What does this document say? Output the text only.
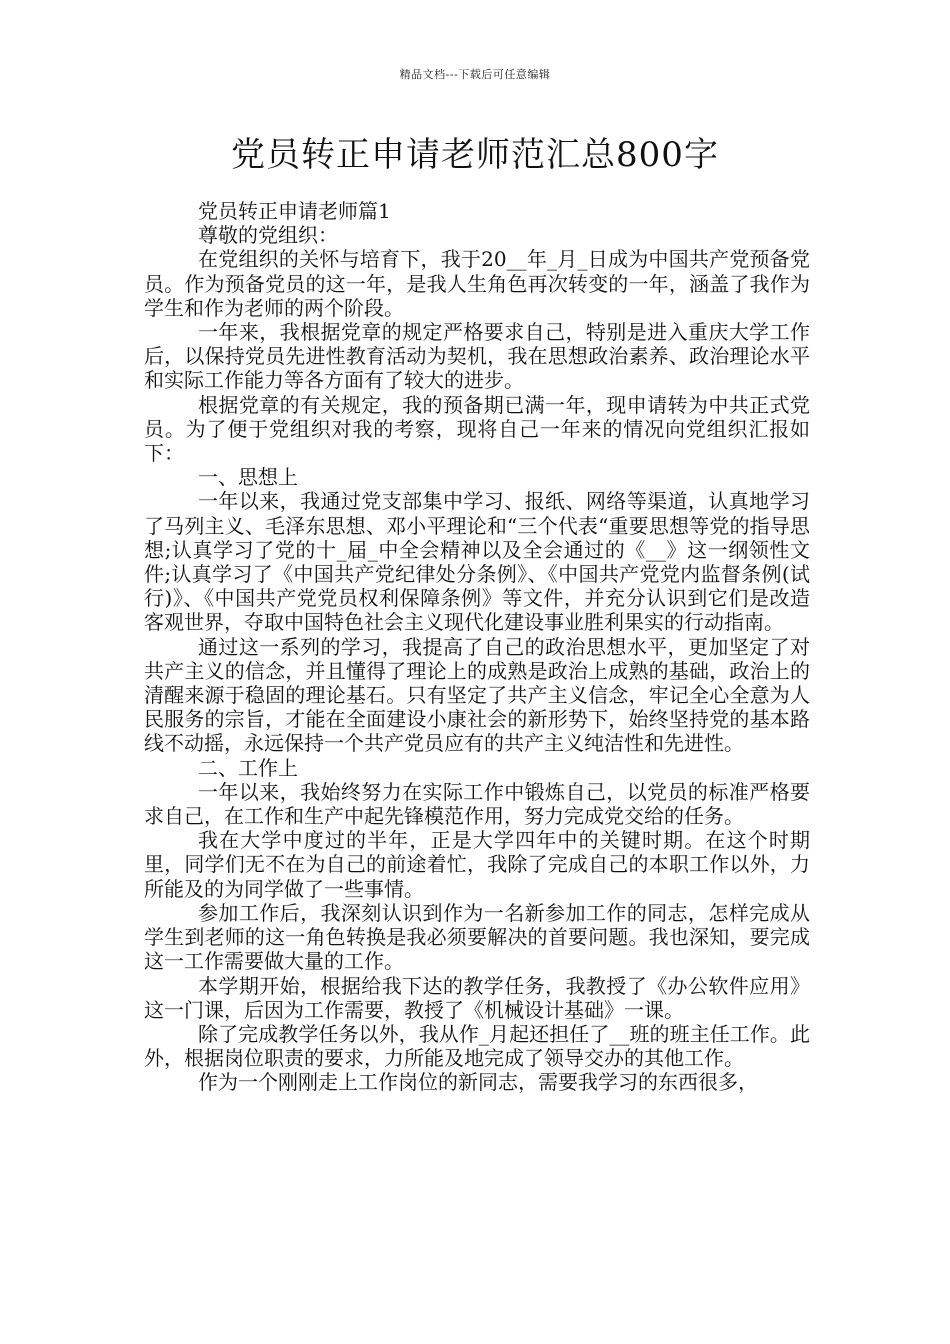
精品文档---下载后可任意编辑
党员转正申请老师范汇总800字

党员转正申请老师篇1

尊敬的党组织：

在党组织的关怀与培育下，我于20__年_月_日成为中国共产党预备党员。作为预备党员的这一年，是我人生角色再次转变的一年，涵盖了我作为学生和作为老师的两个阶段。

一年来，我根据党章的规定严格要求自己，特别是进入重庆大学工作后，以保持党员先进性教育活动为契机，我在思想政治素养、政治理论水平和实际工作能力等各方面有了较大的进步。

根据党章的有关规定，我的预备期已满一年，现申请转为中共正式党员。为了便于党组织对我的考察，现将自己一年来的情况向党组织汇报如下：

一、思想上

一年以来，我通过党支部集中学习、报纸、网络等渠道，认真地学习了马列主义、毛泽东思想、邓小平理论和“三个代表“重要思想等党的指导思想;认真学习了党的十_届_中全会精神以及全会通过的《__》这一纲领性文件;认真学习了《中国共产党纪律处分条例》、《中国共产党党内监督条例(试行)》、《中国共产党党员权利保障条例》等文件，并充分认识到它们是改造客观世界，夺取中国特色社会主义现代化建设事业胜利果实的行动指南。

通过这一系列的学习，我提高了自己的政治思想水平，更加坚定了对共产主义的信念，并且懂得了理论上的成熟是政治上成熟的基础，政治上的清醒来源于稳固的理论基石。只有坚定了共产主义信念，牢记全心全意为人民服务的宗旨，才能在全面建设小康社会的新形势下，始终坚持党的基本路线不动摇，永远保持一个共产党员应有的共产主义纯洁性和先进性。

二、工作上

一年以来，我始终努力在实际工作中锻炼自己，以党员的标准严格要求自己，在工作和生产中起先锋模范作用，努力完成党交给的任务。

我在大学中度过的半年，正是大学四年中的关键时期。在这个时期里，同学们无不在为自己的前途着忙，我除了完成自己的本职工作以外，力所能及的为同学做了一些事情。

参加工作后，我深刻认识到作为一名新参加工作的同志，怎样完成从学生到老师的这一角色转换是我必须要解决的首要问题。我也深知，要完成这一工作需要做大量的工作。

本学期开始，根据给我下达的教学任务，我教授了《办公软件应用》这一门课，后因为工作需要，教授了《机械设计基础》一课。

除了完成教学任务以外，我从作_月起还担任了__班的班主任工作。此外，根据岗位职责的要求，力所能及地完成了领导交办的其他工作。

作为一个刚刚走上工作岗位的新同志，需要我学习的东西很多，
